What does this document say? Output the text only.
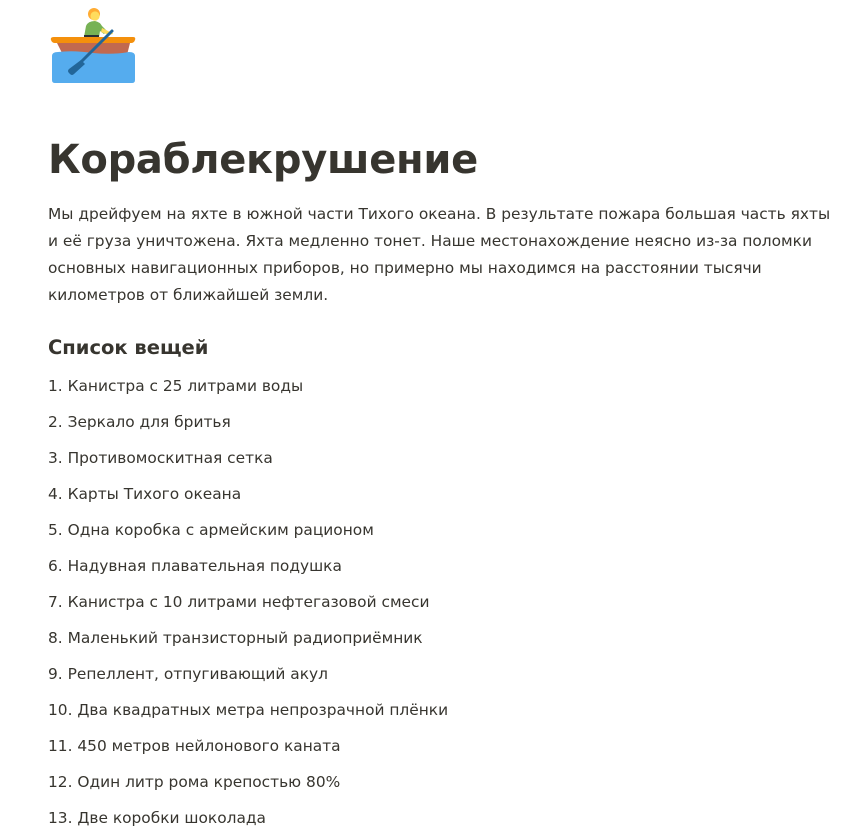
Кораблекрушение

Мы дрейфуем на яхте в южной части Тихого океана. В результате пожара большая часть яхты и её груза уничтожена. Яхта медленно тонет. Наше местонахождение неясно из-за поломки основных навигационных приборов, но примерно мы находимся на расстоянии тысячи километров от ближайшей земли.

Список вещей
1. Канистра с 25 литрами воды
2. Зеркало для бритья
3. Противомоскитная сетка
4. Карты Тихого океана
5. Одна коробка с армейским рационом
6. Надувная плавательная подушка
7. Канистра с 10 литрами нефтегазовой смеси
8. Маленький транзисторный радиоприёмник
9. Репеллент, отпугивающий акул
10. Два квадратных метра непрозрачной плёнки
11. 450 метров нейлонового каната
12. Один литр рома крепостью 80%
13. Две коробки шоколада
